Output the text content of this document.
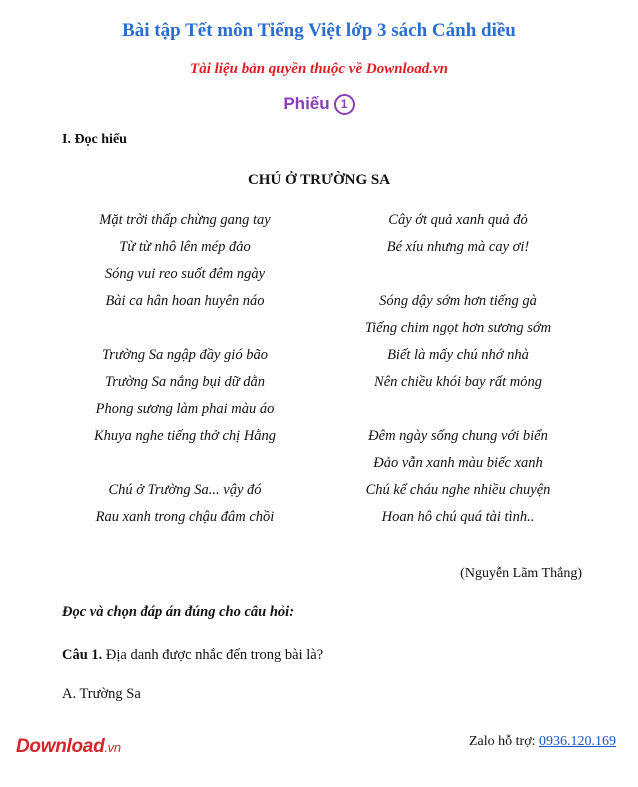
Bài tập Tết môn Tiếng Việt lớp 3 sách Cánh diều
Tài liệu bản quyền thuộc về Download.vn
Phiếu 1
I. Đọc hiểu
CHÚ Ở TRƯỜNG SA
Mặt trời thấp chừng gang tay
Từ từ nhô lên mép đảo
Sóng vui reo suốt đêm ngày
Bài ca hân hoan huyên náo
Trường Sa ngập đầy gió bão
Trường Sa nắng bụi dữ dằn
Phong sương làm phai màu áo
Khuya nghe tiếng thở chị Hằng
Chú ở Trường Sa... vậy đó
Rau xanh trong chậu đâm chồi
Cây ớt quả xanh quả đỏ
Bé xíu nhưng mà cay ơi!
Sóng dậy sớm hơn tiếng gà
Tiếng chim ngọt hơn sương sớm
Biết là mấy chú nhớ nhà
Nên chiều khói bay rất mỏng
Đêm ngày sống chung với biển
Đảo vẫn xanh màu biếc xanh
Chú kể cháu nghe nhiều chuyện
Hoan hô chú quá tài tình..
(Nguyễn Lãm Thắng)
Đọc và chọn đáp án đúng cho câu hỏi:
Câu 1. Địa danh được nhắc đến trong bài là?
A. Trường Sa
Download.vn	Zalo hỗ trợ: 0936.120.169
